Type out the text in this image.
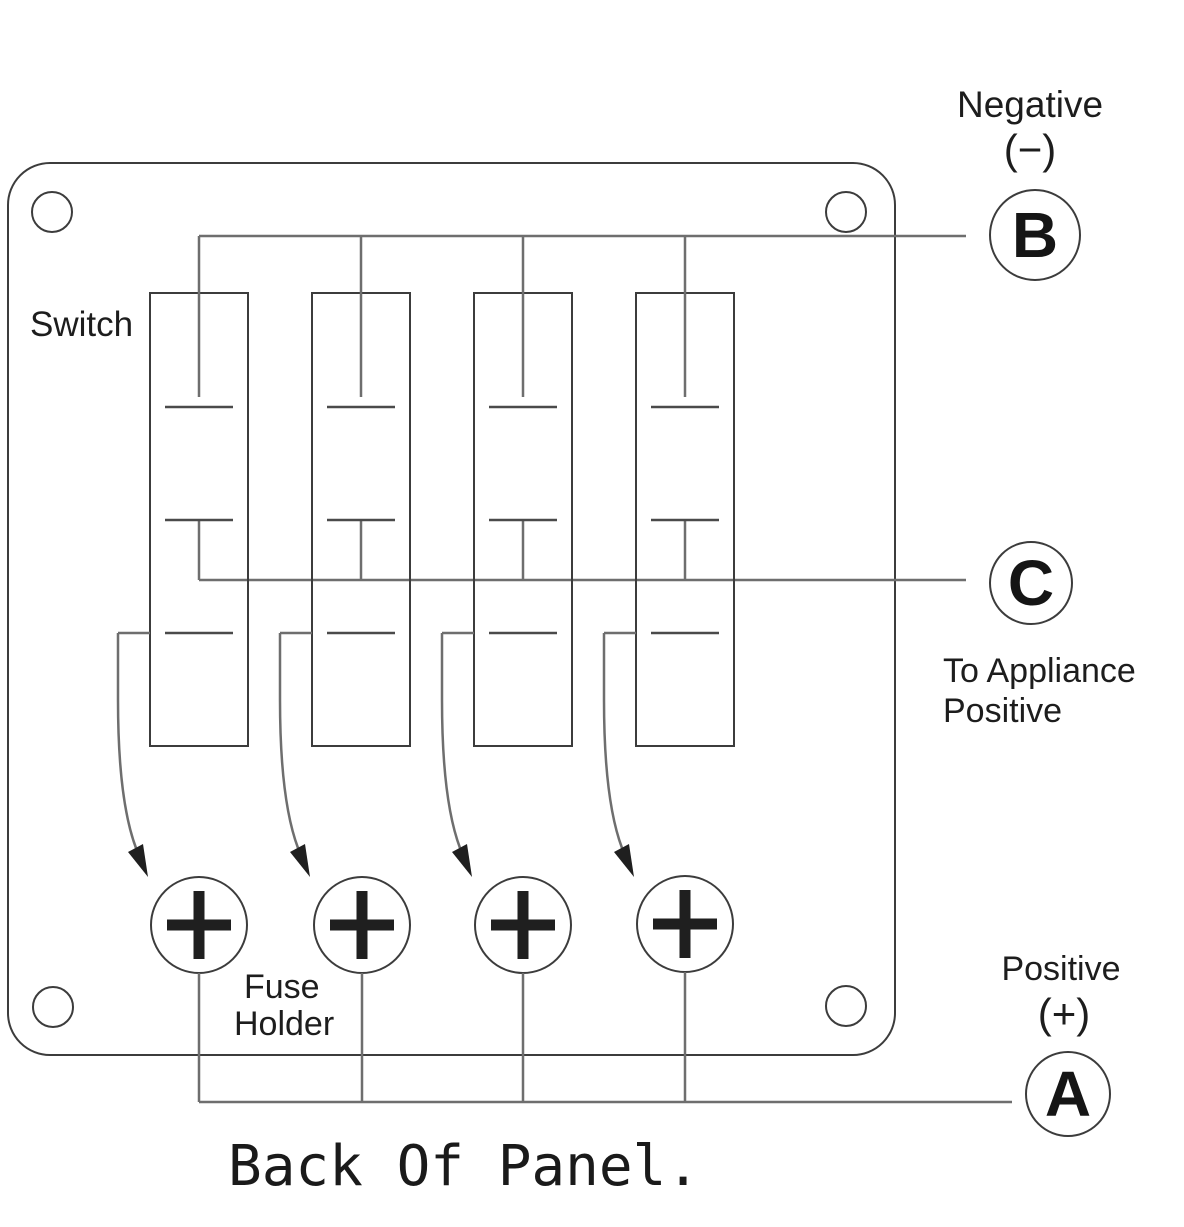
Switch
Fuse
Holder
Negative
(−)
B
To Appliance
Positive
C
Positive
(+)
A
Back Of Panel.
